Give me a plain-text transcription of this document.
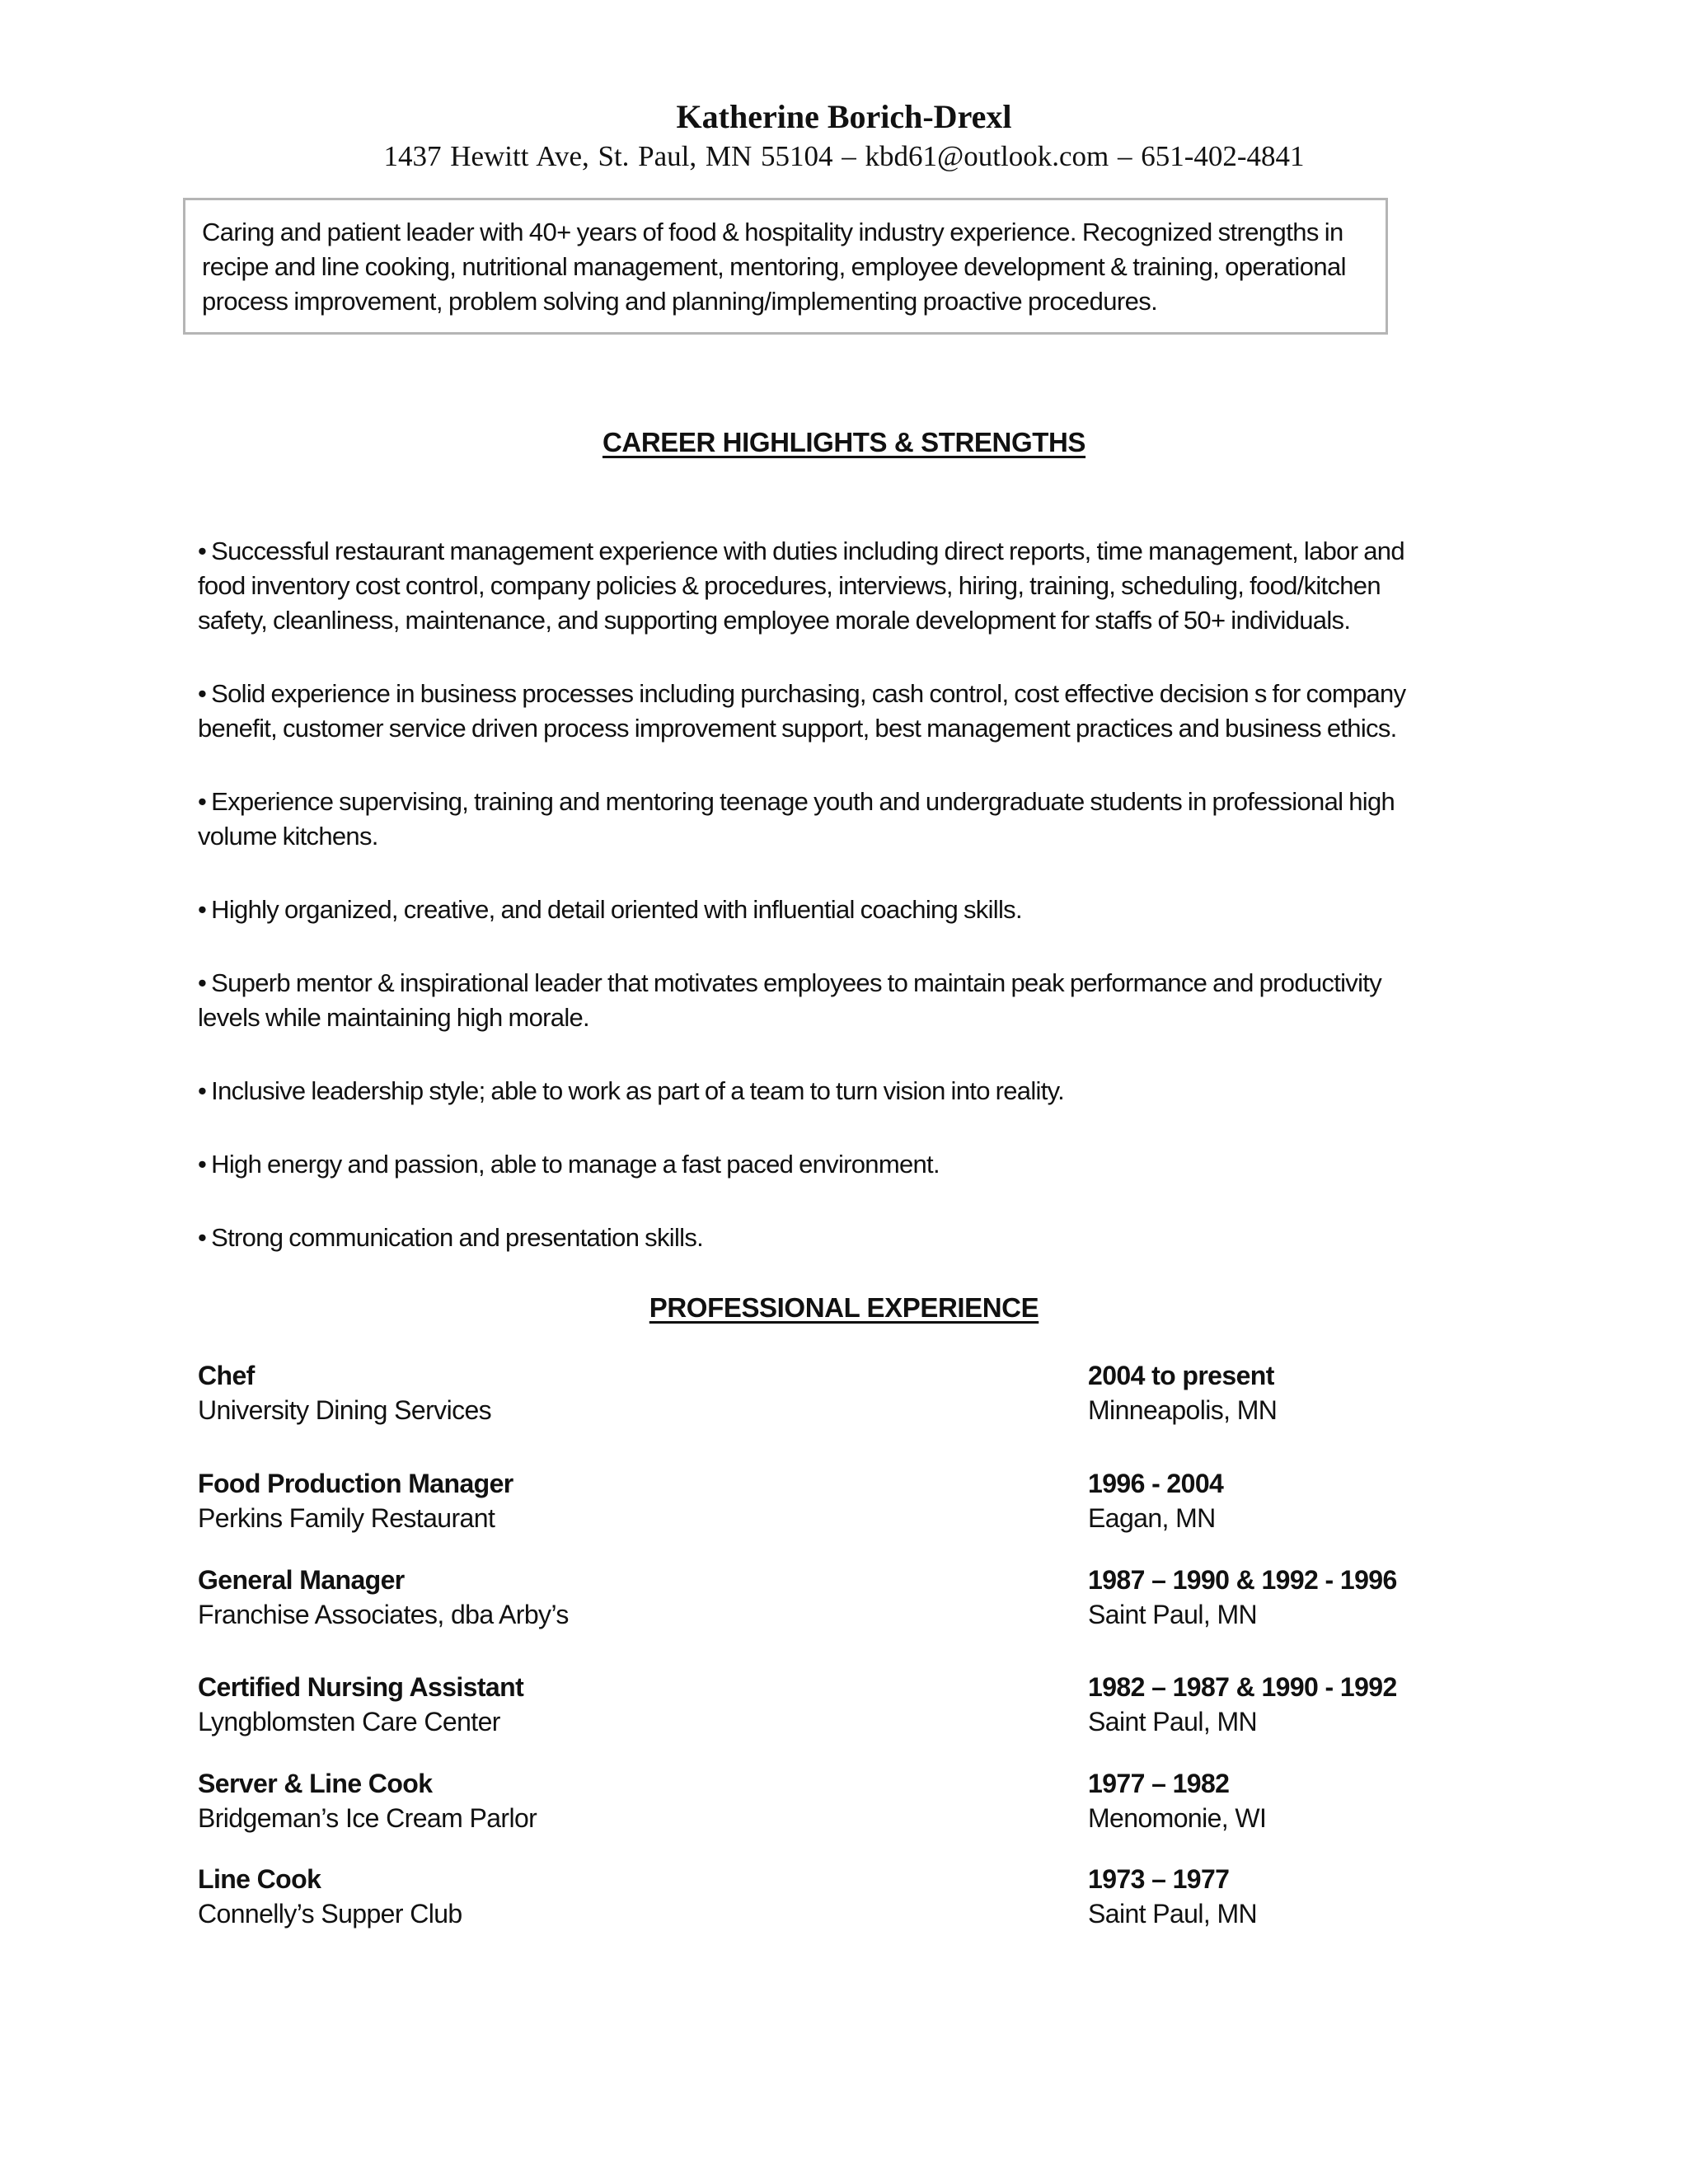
Katherine Borich-Drexl

1437 Hewitt Ave, St. Paul, MN 55104 – kbd61@outlook.com – 651-402-4841

Caring and patient leader with 40+ years of food & hospitality industry experience. Recognized strengths in
recipe and line cooking, nutritional management, mentoring, employee development & training, operational
process improvement, problem solving and planning/implementing proactive procedures.
CAREER HIGHLIGHTS & STRENGTHS
• Successful restaurant management experience with duties including direct reports, time management, labor and
food inventory cost control, company policies & procedures, interviews, hiring, training, scheduling, food/kitchen
safety, cleanliness, maintenance, and supporting employee morale development for staffs of 50+ individuals.
• Solid experience in business processes including purchasing, cash control, cost effective decision s for company
benefit, customer service driven process improvement support, best management practices and business ethics.
• Experience supervising, training and mentoring teenage youth and undergraduate students in professional high
volume kitchens.
• Highly organized, creative, and detail oriented with influential coaching skills.
• Superb mentor & inspirational leader that motivates employees to maintain peak performance and productivity
levels while maintaining high morale.
• Inclusive leadership style; able to work as part of a team to turn vision into reality.
• High energy and passion, able to manage a fast paced environment.
• Strong communication and presentation skills.
PROFESSIONAL EXPERIENCE
Chef
University Dining Services
2004 to present
Minneapolis, MN
Food Production Manager
Perkins Family Restaurant
1996 - 2004
Eagan, MN
General Manager
Franchise Associates, dba Arby’s
1987 – 1990 & 1992 - 1996
Saint Paul, MN
Certified Nursing Assistant
Lyngblomsten Care Center
1982 – 1987 & 1990 - 1992
Saint Paul, MN
Server & Line Cook
Bridgeman’s Ice Cream Parlor
1977 – 1982
Menomonie, WI
Line Cook
Connelly’s Supper Club
1973 – 1977
Saint Paul, MN
